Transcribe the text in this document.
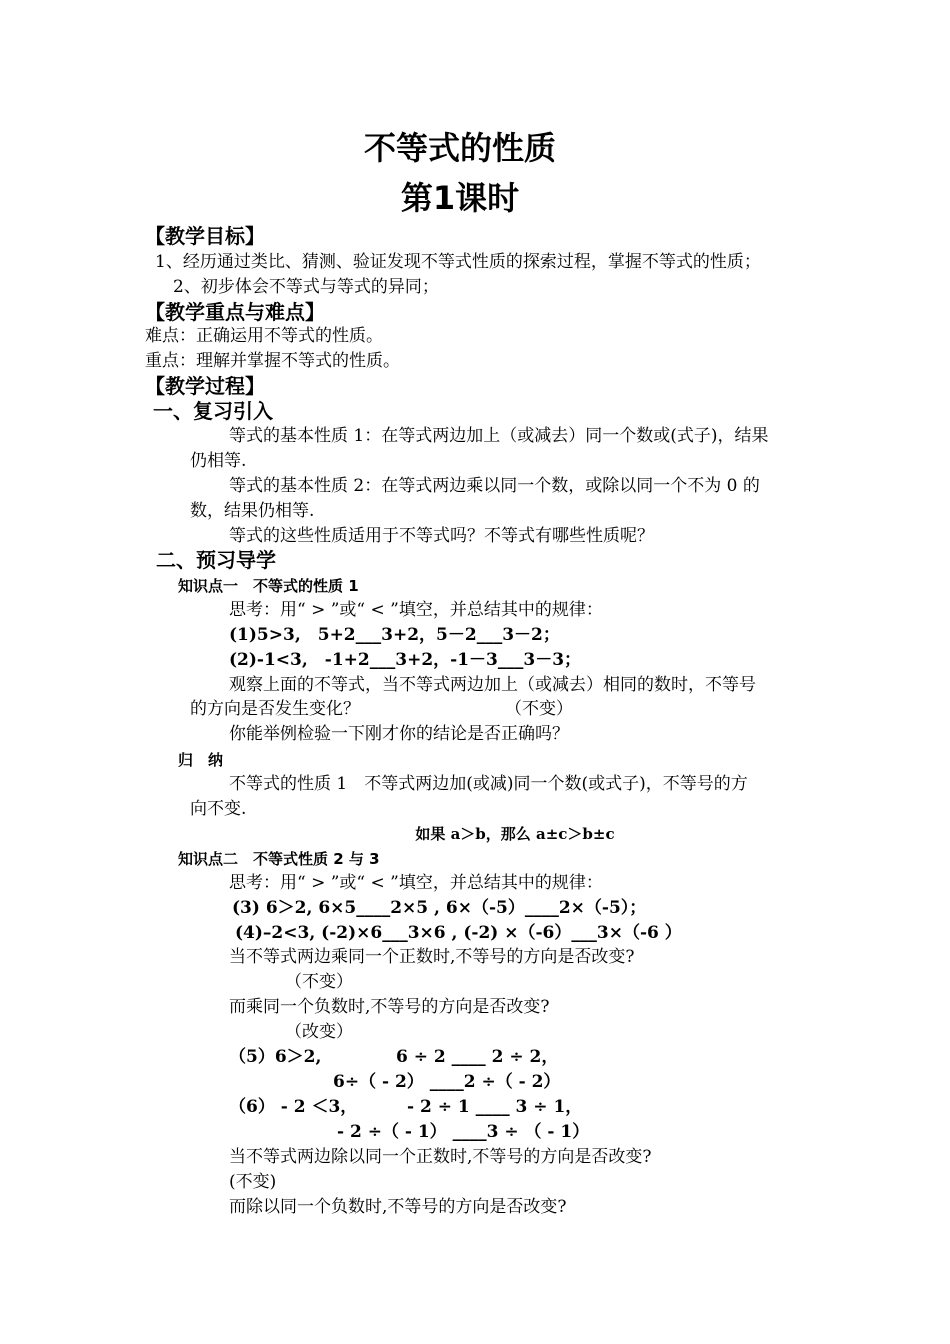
不等式的性质
第1课时
【教学目标】
1、经历通过类比、猜测、验证发现不等式性质的探索过程，掌握不等式的性质；
2、初步体会不等式与等式的异同；
【教学重点与难点】
难点：正确运用不等式的性质。
重点：理解并掌握不等式的性质。
【教学过程】
一、复习引入
等式的基本性质 1：在等式两边加上（或减去）同一个数或(式子)，结果
仍相等.
等式的基本性质 2：在等式两边乘以同一个数，或除以同一个不为 0 的
数，结果仍相等.
等式的这些性质适用于不等式吗？不等式有哪些性质呢？
二、预习导学
知识点一　不等式的性质 1
思考：用“ > ”或“ < ”填空，并总结其中的规律：
(1)5>3,　5+2___3+2，5－2___3－2；
(2)-1<3,　-1+2___3+2，-1－3___3－3；
观察上面的不等式，当不等式两边加上（或减去）相同的数时，不等号
的方向是否发生变化？	（不变）
你能举例检验一下刚才你的结论是否正确吗？
归　纳
不等式的性质 1　不等式两边加(或减)同一个数(或式子)，不等号的方
向不变.
如果 a＞b，那么 a±c＞b±c
知识点二　不等式性质 2 与 3
思考：用“ > ”或“ < ”填空，并总结其中的规律：
(3) 6＞2, 6×5____2×5 , 6×（-5）____2×（-5）；
(4)–2<3, (-2)×6___3×6 , (-2) ×（-6）___3×（-6 ）
当不等式两边乘同一个正数时,不等号的方向是否改变?
（不变）
而乘同一个负数时,不等号的方向是否改变?
（改变）
（5）6＞2,	6 ÷ 2 ____ 2 ÷ 2，
6÷（ - 2） ____2 ÷（ - 2）
（6） - 2 ＜3，	- 2 ÷ 1 ____ 3 ÷ 1，
- 2 ÷（ - 1） ____3 ÷ （ - 1）
当不等式两边除以同一个正数时,不等号的方向是否改变?
(不变)
而除以同一个负数时,不等号的方向是否改变?
